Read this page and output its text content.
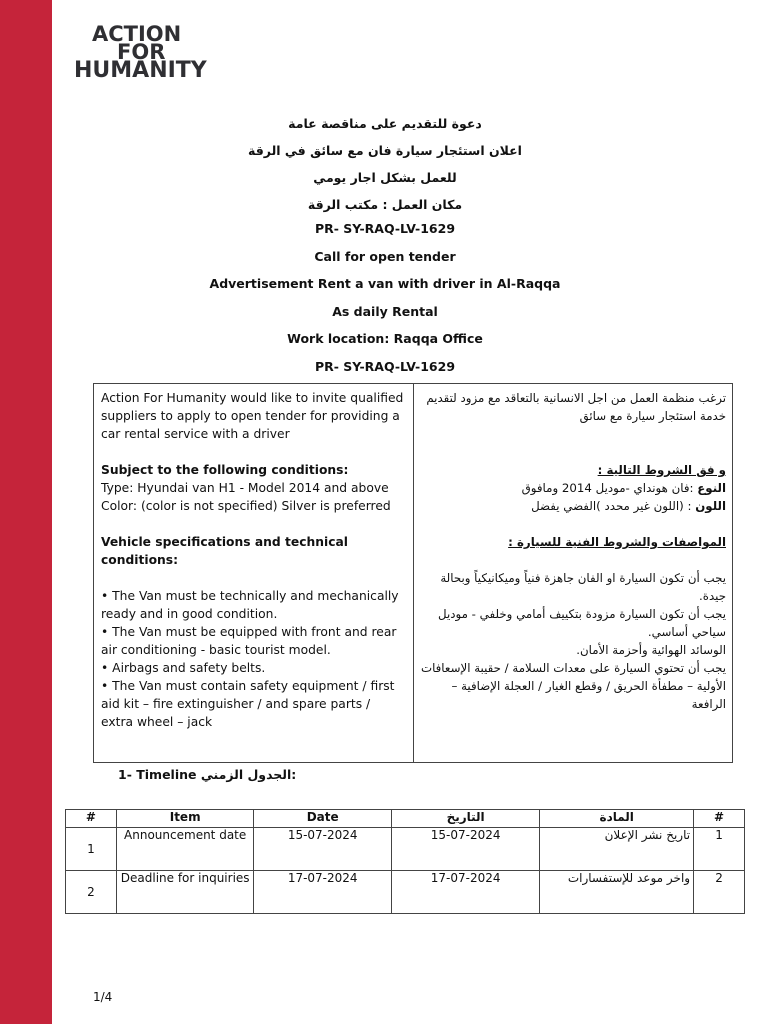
ACTION
FOR
HUMANITY
دعوة للتقديم على مناقصة عامة
اعلان استئجار سيارة فان مع سائق في الرقة
للعمل بشكل اجار يومي
مكان العمل : مكتب الرقة
PR- SY-RAQ-LV-1629
Call for open tender
Advertisement Rent a van with driver in Al-Raqqa
As daily Rental
Work location: Raqqa Office
PR- SY-RAQ-LV-1629

Action For Humanity would like to invite qualified suppliers to apply to open tender for providing a car rental service with a driver

Subject to the following conditions:

Type: Hyundai van H1 - Model 2014 and above

Color: (color is not specified) Silver is preferred

Vehicle specifications and technical conditions:

• The Van must be technically and mechanically ready and in good condition.

• The Van must be equipped with front and rear air conditioning - basic tourist model.

• Airbags and safety belts.

• The Van must contain safety equipment / first aid kit – fire extinguisher / and spare parts / extra wheel – jack

ترغب منظمة العمل من اجل الانسانية بالتعاقد مع مزود لتقديم خدمة استئجار سيارة مع سائق

و فق الشروط التالية :

النوع :فان هونداي -موديل 2014 ومافوق

اللون : (اللون غير محدد )الفضي يفضل

المواصفات والشروط الفنية للسيارة :

يجب أن تكون السيارة او الفان جاهزة فنياً وميكانيكياً وبحالة جيدة.

يجب أن تكون السيارة مزودة بتكييف أمامي وخلفي - موديل سياحي أساسي.

الوسائد الهوائية وأحزمة الأمان.

يجب أن تحتوي السيارة على معدات السلامة / حقيبة الإسعافات الأولية – مطفأة الحريق / وقطع الغيار / العجلة الإضافية – الرافعة

1- Timeline الجدول الزمني:
#	Item	Date	التاريخ	المادة	#
1	Announcement date	15-07-2024	15-07-2024	تاريخ نشر الإعلان	1
2	Deadline for inquiries	17-07-2024	17-07-2024	واخر موعد للإستفسارات	2
1/4
